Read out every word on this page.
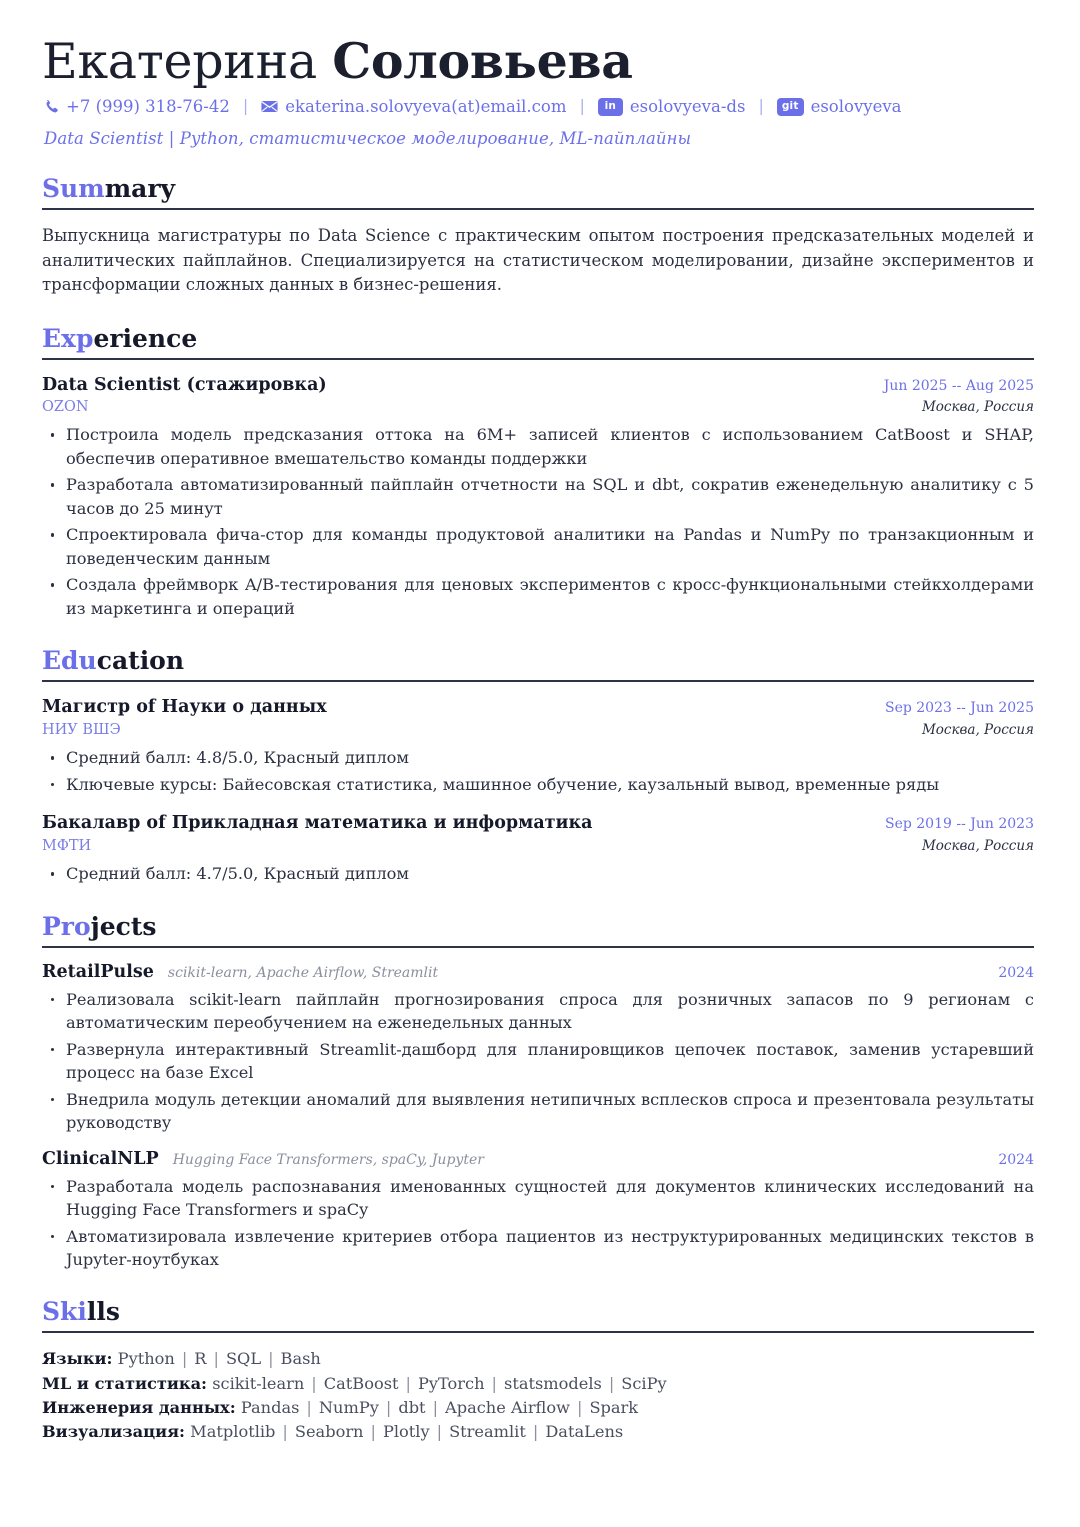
Екатерина Соловьева
+7 (999) 318-76-42 |	ekaterina.solovyeva(at)email.com |	in esolovyeva-ds |	git esolovyeva
Data Scientist | Python, статистическое моделирование, ML-пайплайны
Summary

Выпускница магистратуры по Data Science с практическим опытом построения предсказательных моделей и аналитических пайплайнов. Специализируется на статистическом моделировании, дизайне экспериментов и трансформации сложных данных в бизнес-решения.

Experience
Data Scientist (стажировка)	Jun 2025 -- Aug 2025
OZON	Москва, Россия
Построила модель предсказания оттока на 6M+ записей клиентов с использованием CatBoost и SHAP, обеспечив оперативное вмешательство команды поддержки
Разработала автоматизированный пайплайн отчетности на SQL и dbt, сократив еженедельную аналитику с 5 часов до 25 минут
Спроектировала фича-стор для команды продуктовой аналитики на Pandas и NumPy по транзакционным и поведенческим данным
Создала фреймворк A/B-тестирования для ценовых экспериментов с кросс-функциональными стейкхолдерами из маркетинга и операций
Education
Магистр of Науки о данных	Sep 2023 -- Jun 2025
НИУ ВШЭ	Москва, Россия
Средний балл: 4.8/5.0, Красный диплом
Ключевые курсы: Байесовская статистика, машинное обучение, каузальный вывод, временные ряды
Бакалавр of Прикладная математика и информатика	Sep 2019 -- Jun 2023
МФТИ	Москва, Россия
Средний балл: 4.7/5.0, Красный диплом
Projects
RetailPulse scikit-learn, Apache Airflow, Streamlit	2024
Реализовала scikit-learn пайплайн прогнозирования спроса для розничных запасов по 9 регионам с автоматическим переобучением на еженедельных данных
Развернула интерактивный Streamlit-дашборд для планировщиков цепочек поставок, заменив устаревший процесс на базе Excel
Внедрила модуль детекции аномалий для выявления нетипичных всплесков спроса и презентовала результаты руководству
ClinicalNLP Hugging Face Transformers, spaCy, Jupyter	2024
Разработала модель распознавания именованных сущностей для документов клинических исследований на Hugging Face Transformers и spaCy
Автоматизировала извлечение критериев отбора пациентов из неструктурированных медицинских текстов в Jupyter-ноутбуках
Skills
Языки: Python | R | SQL | Bash
ML и статистика: scikit-learn | CatBoost | PyTorch | statsmodels | SciPy
Инженерия данных: Pandas | NumPy | dbt | Apache Airflow | Spark
Визуализация: Matplotlib | Seaborn | Plotly | Streamlit | DataLens
